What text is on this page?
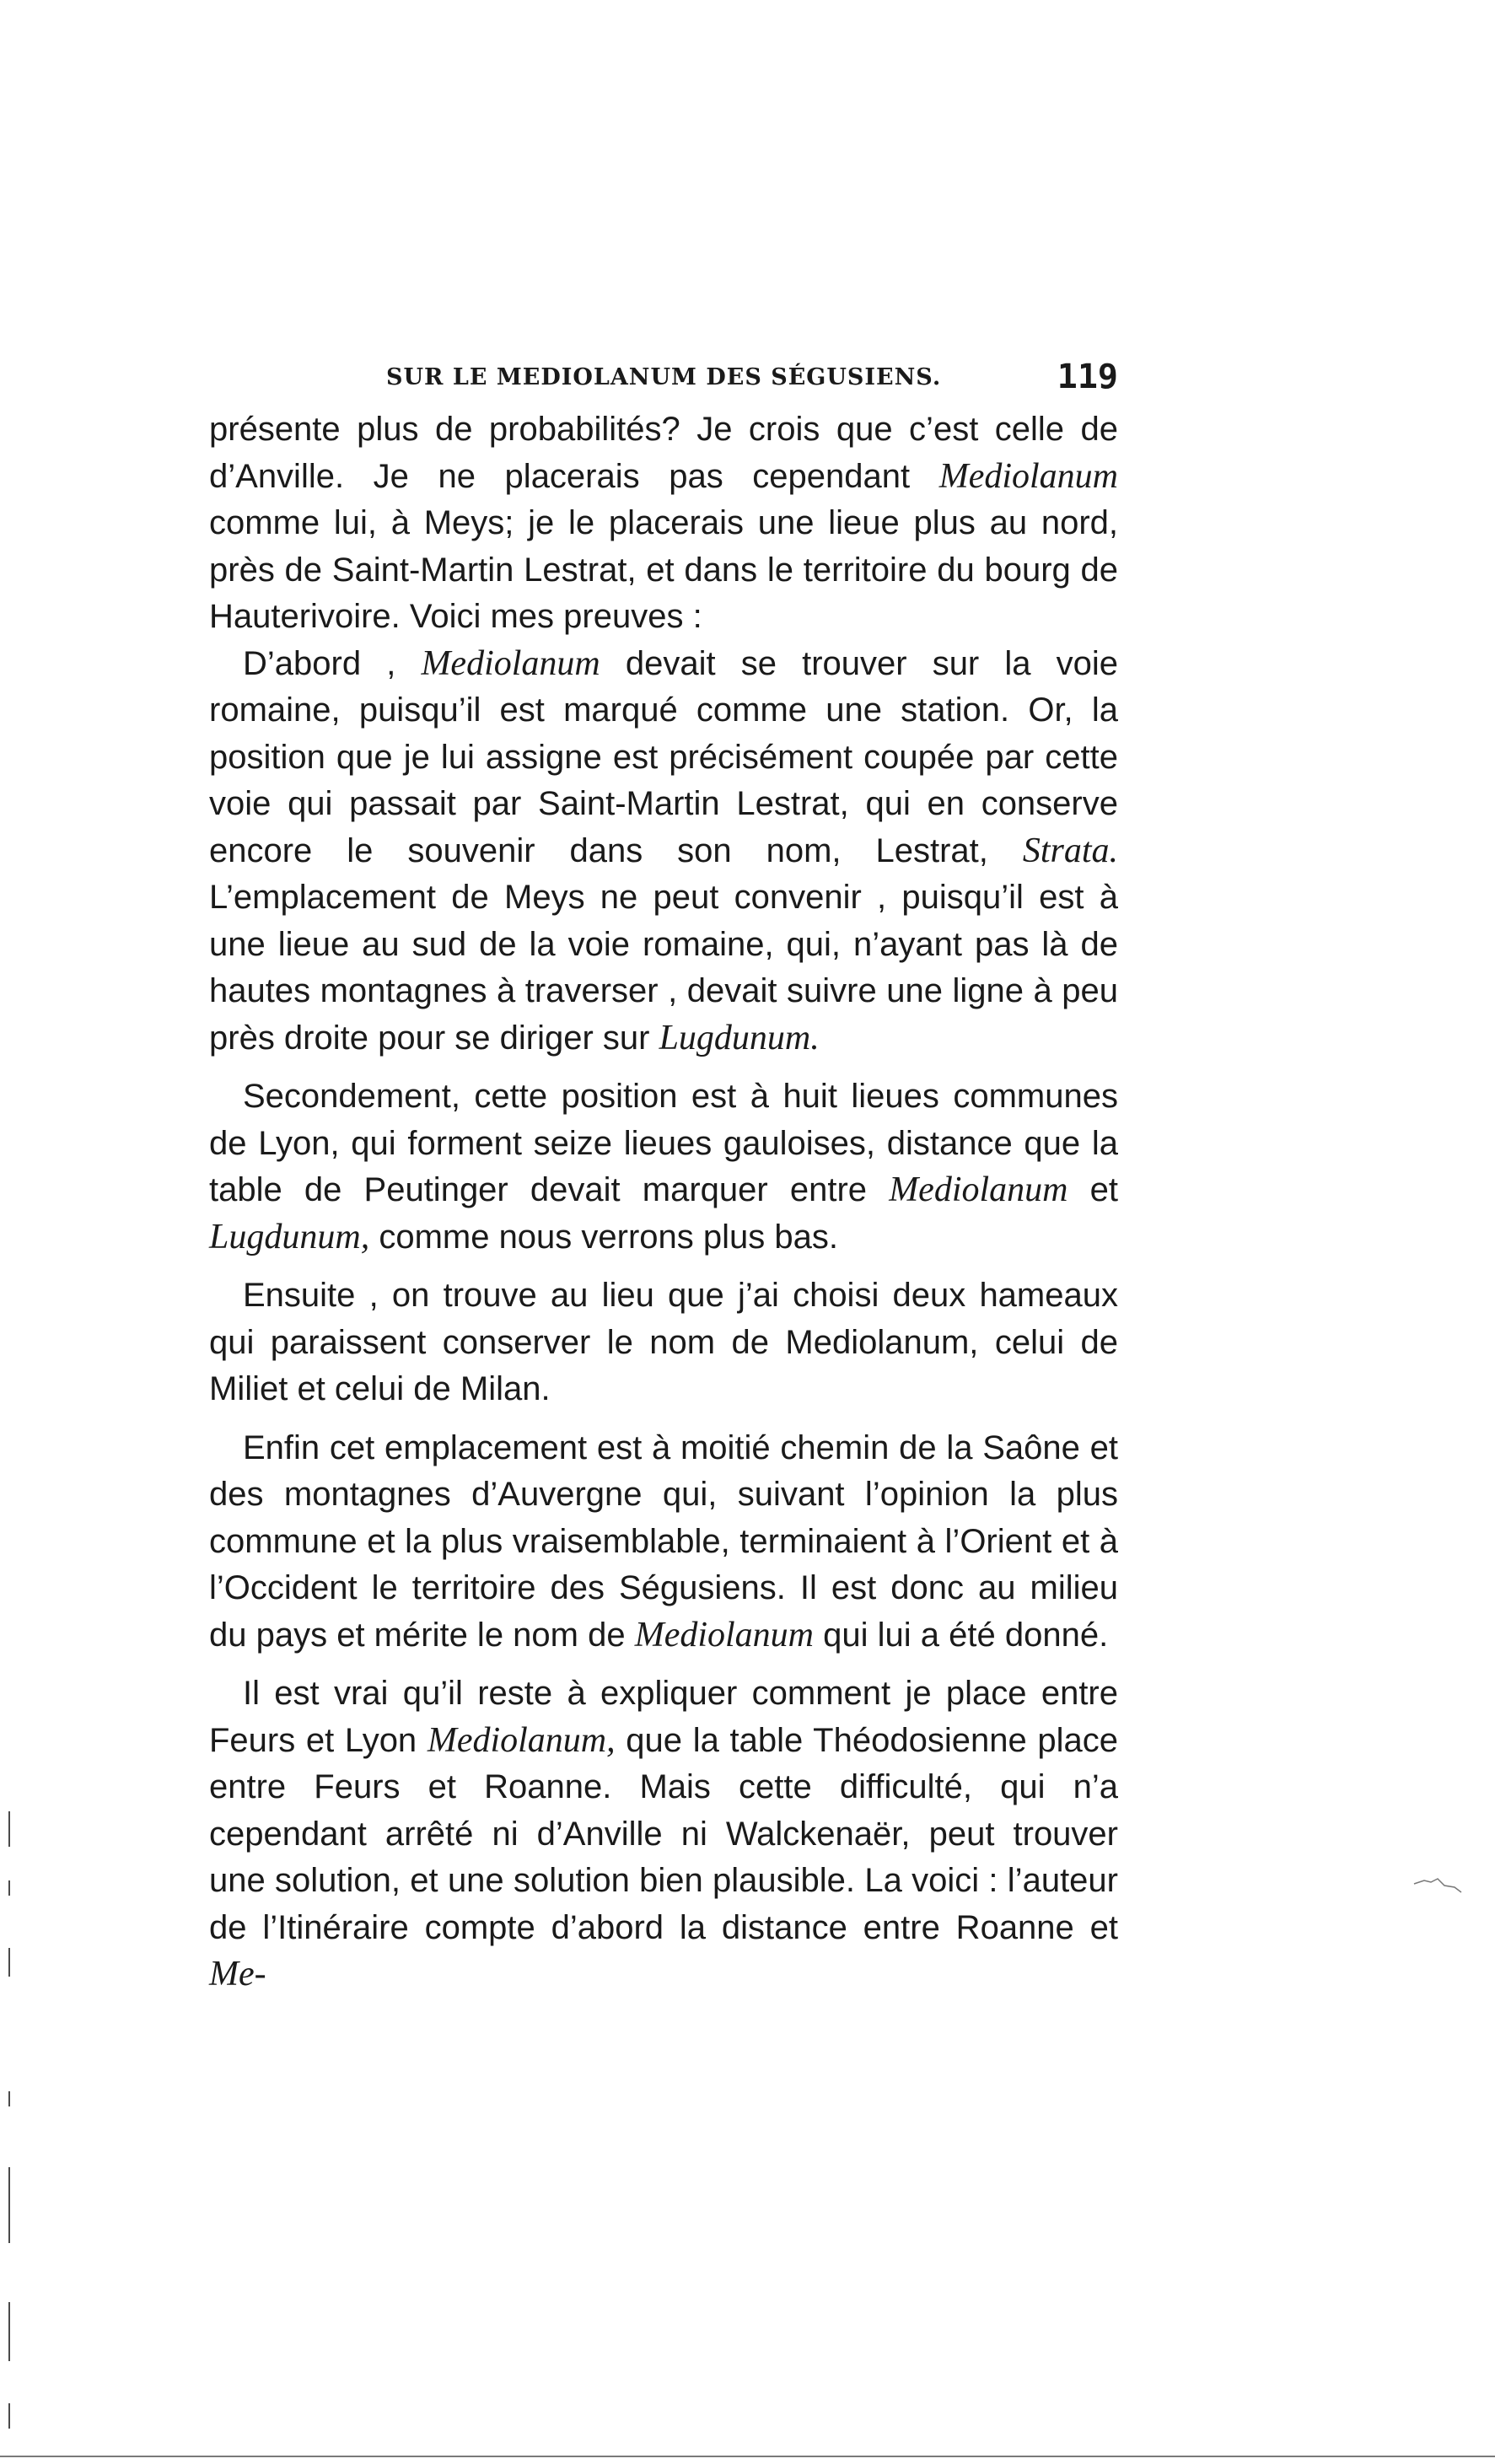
SUR LE MEDIOLANUM DES SÉGUSIENS.	119

présente plus de probabilités? Je crois que c’est celle de d’Anville. Je ne placerais pas cependant Mediolanum comme lui, à Meys; je le placerais une lieue plus au nord, près de Saint-Martin Lestrat, et dans le territoire du bourg de Hauterivoire. Voici mes preuves :

D’abord , Mediolanum devait se trouver sur la voie romaine, puisqu’il est marqué comme une station. Or, la position que je lui assigne est précisément coupée par cette voie qui passait par Saint-Martin Lestrat, qui en conserve encore le souvenir dans son nom, Lestrat, Strata. L’emplacement de Meys ne peut convenir , puisqu’il est à une lieue au sud de la voie romaine, qui, n’ayant pas là de hautes montagnes à traverser , devait suivre une ligne à peu près droite pour se diriger sur Lugdunum.

Secondement, cette position est à huit lieues communes de Lyon, qui forment seize lieues gauloises, distance que la table de Peutinger devait marquer entre Mediolanum et Lugdunum, comme nous verrons plus bas.

Ensuite , on trouve au lieu que j’ai choisi deux hameaux qui paraissent conserver le nom de Mediolanum, celui de Miliet et celui de Milan.

Enfin cet emplacement est à moitié chemin de la Saône et des montagnes d’Auvergne qui, suivant l’opinion la plus commune et la plus vraisemblable, terminaient à l’Orient et à l’Occident le territoire des Ségusiens. Il est donc au milieu du pays et mérite le nom de Mediolanum qui lui a été donné.

Il est vrai qu’il reste à expliquer comment je place entre Feurs et Lyon Mediolanum, que la table Théodosienne place entre Feurs et Roanne. Mais cette difficulté, qui n’a cependant arrêté ni d’Anville ni Walckenaër, peut trouver une solution, et une solution bien plausible. La voici : l’auteur de l’Itinéraire compte d’abord la distance entre Roanne et Me-
